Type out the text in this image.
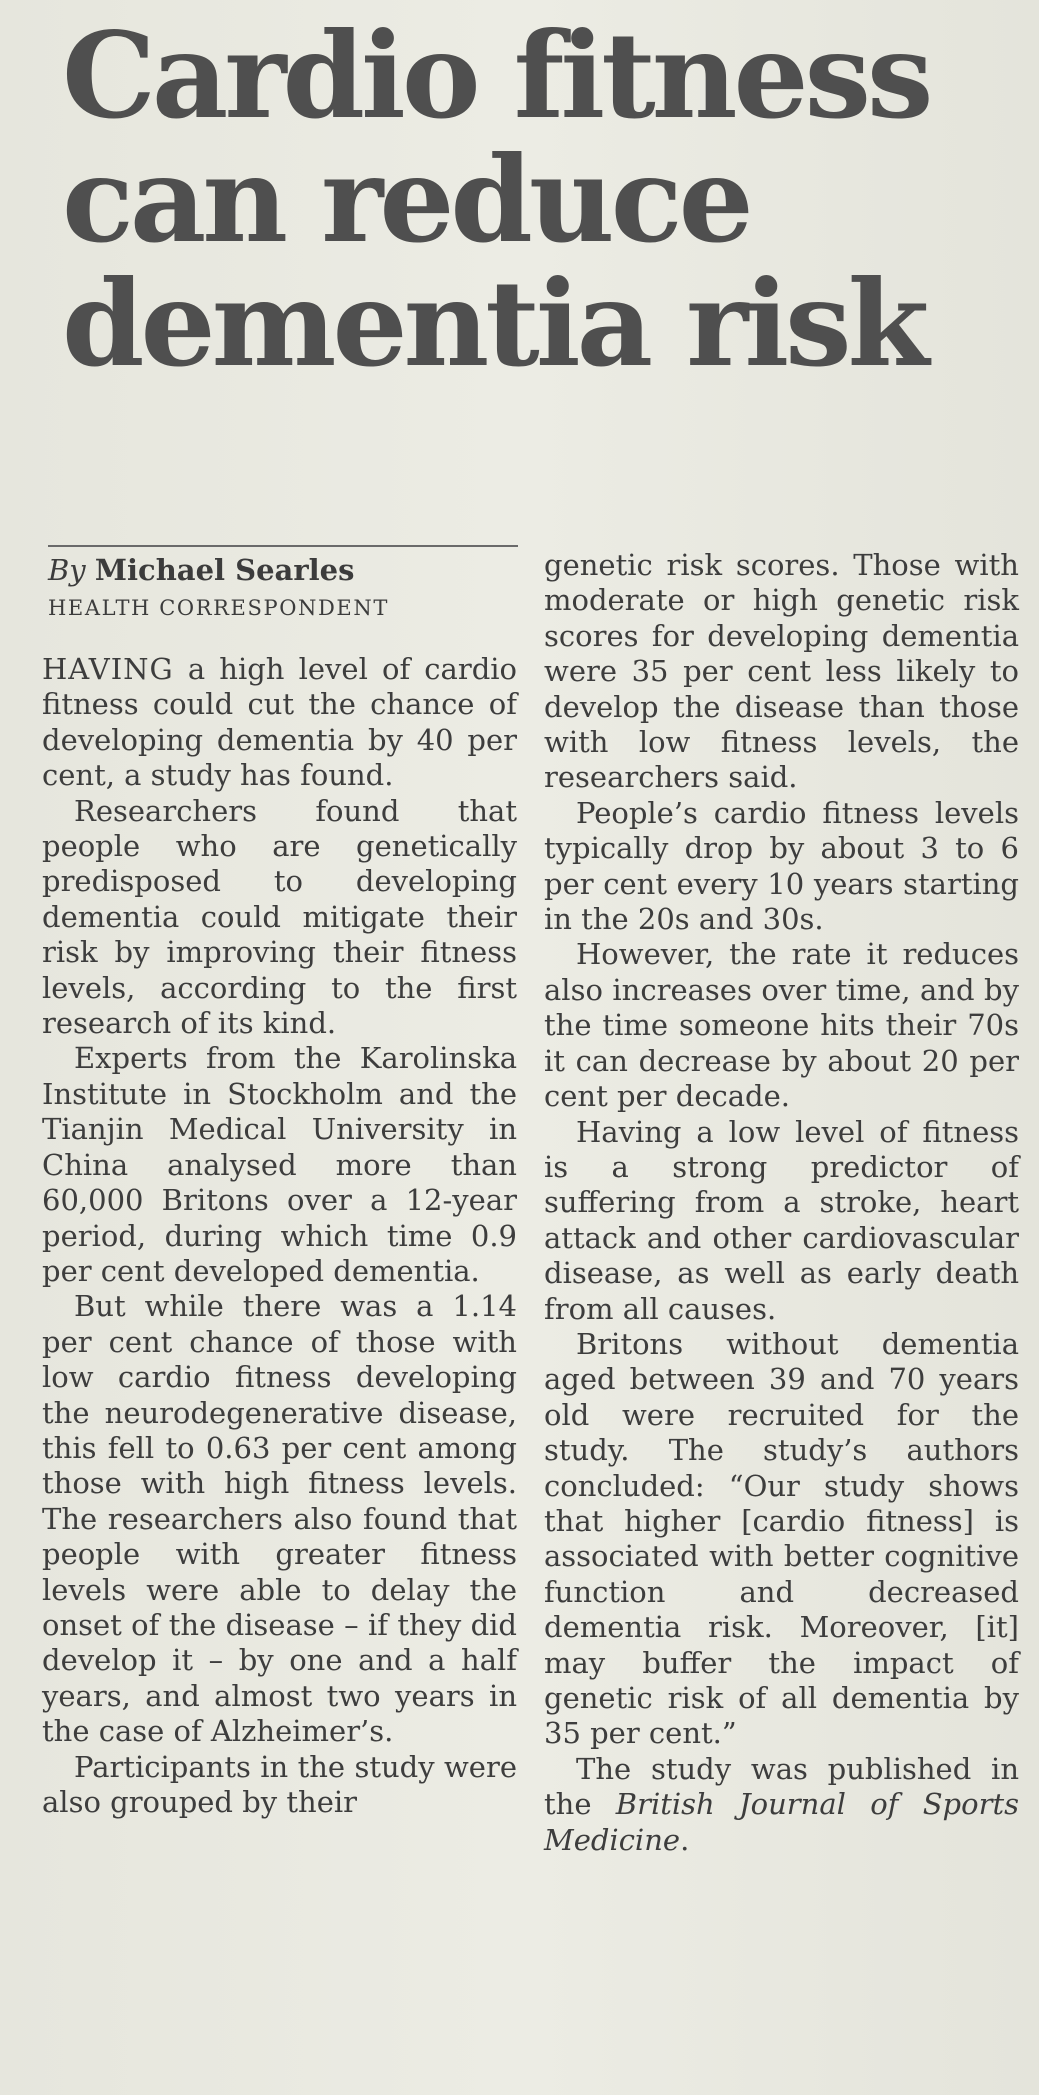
Cardio fitness can reduce dementia risk
By Michael Searles
HEALTH CORRESPONDENT

HAVING a high level of cardio fitness could cut the chance of developing dementia by 40 per cent, a study has found.

Researchers found that people who are genetically predisposed to developing dementia could mitigate their risk by improving their fitness levels, according to the first research of its kind.

Experts from the Karolinska Institute in Stockholm and the Tianjin Medical University in China analysed more than 60,000 Britons over a 12-year period, during which time 0.9 per cent developed dementia.

But while there was a 1.14 per cent chance of those with low cardio fitness developing the neurodegenerative disease, this fell to 0.63 per cent among those with high fitness levels. The researchers also found that people with greater fitness levels were able to delay the onset of the disease – if they did develop it – by one and a half years, and almost two years in the case of Alzheimer’s.

Participants in the study were also grouped by their

genetic risk scores. Those with moderate or high genetic risk scores for developing dementia were 35 per cent less likely to develop the disease than those with low fitness levels, the researchers said.

People’s cardio fitness levels typically drop by about 3 to 6 per cent every 10 years starting in the 20s and 30s.

However, the rate it reduces also increases over time, and by the time someone hits their 70s it can decrease by about 20 per cent per decade.

Having a low level of fitness is a strong predictor of suffering from a stroke, heart attack and other cardiovascular disease, as well as early death from all causes.

Britons without dementia aged between 39 and 70 years old were recruited for the study. The study’s authors concluded: “Our study shows that higher [cardio fitness] is associated with better cognitive function and decreased dementia risk. Moreover, [it] may buffer the impact of genetic risk of all dementia by 35 per cent.”

The study was published in the British Journal of Sports Medicine.
